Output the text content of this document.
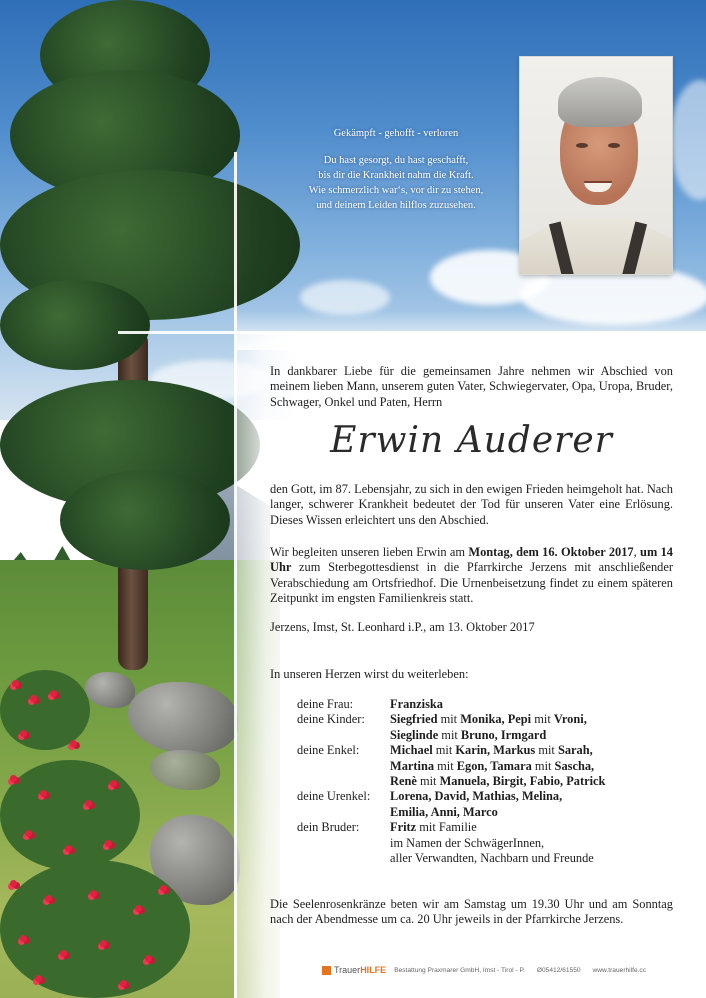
Gekämpft - gehofft - verloren
Du hast gesorgt, du hast geschafft,
bis dir die Krankheit nahm die Kraft.
Wie schmerzlich war‘s, vor dir zu stehen,
und deinem Leiden hilflos zuzusehen.

In dankbarer Liebe für die gemeinsamen Jahre nehmen wir Abschied von meinem lieben Mann, unserem guten Vater, Schwiegervater, Opa, Uropa, Bruder, Schwager, Onkel und Paten, Herrn

Erwin Auderer

den Gott, im 87. Lebensjahr, zu sich in den ewigen Frieden heimgeholt hat. Nach langer, schwerer Krankheit bedeutet der Tod für unseren Vater eine Erlösung. Dieses Wissen erleichtert uns den Abschied.

Wir begleiten unseren lieben Erwin am Montag, dem 16. Oktober 2017, um 14 Uhr zum Sterbegottesdienst in die Pfarrkirche Jerzens mit anschließender Verabschiedung am Ortsfriedhof. Die Urnenbeisetzung findet zu einem späteren Zeitpunkt im engsten Familienkreis statt.

Jerzens, Imst, St. Leonhard i.P., am 13. Oktober 2017
In unseren Herzen wirst du weiterleben:
deine Frau:	Franziska
deine Kinder:	Siegfried mit Monika, Pepi mit Vroni,
Sieglinde mit Bruno, Irmgard
deine Enkel:	Michael mit Karin, Markus mit Sarah,
Martina mit Egon, Tamara mit Sascha,
Renè mit Manuela, Birgit, Fabio, Patrick
deine Urenkel:	Lorena, David, Mathias, Melina,
Emilia, Anni, Marco
dein Bruder:	Fritz mit Familie
im Namen der SchwägerInnen,
aller Verwandten, Nachbarn und Freunde

Die Seelenrosenkränze beten wir am Samstag um 19.30 Uhr und am Sonntag nach der Abendmesse um ca. 20 Uhr jeweils in der Pfarrkirche Jerzens.

TrauerHILFE Bestattung Praxmarer GmbH, Imst - Tirol - P. Ø05412/61550 www.trauerhilfe.cc
